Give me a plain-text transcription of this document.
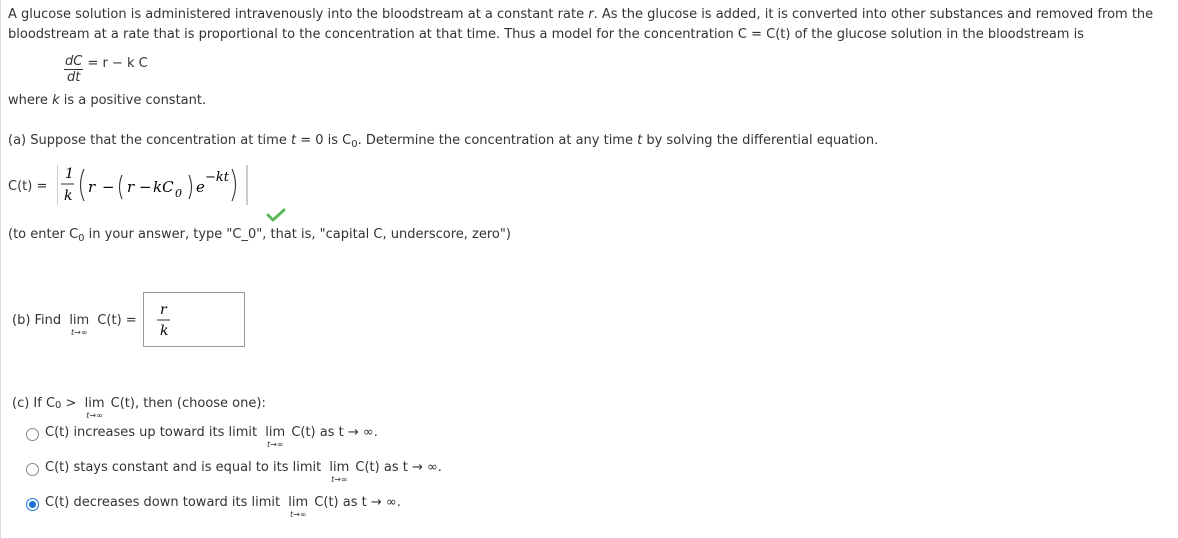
A glucose solution is administered intravenously into the bloodstream at a constant rate r. As the glucose is added, it is converted into other substances and removed from the
bloodstream at a rate that is proportional to the concentration at that time. Thus a model for the concentration C = C(t) of the glucose solution in the bloodstream is
$\frac{dC}{dt} = r - k$ C
where k is a positive constant.
(a) Suppose that the concentration at time t = 0 is $C_0$. Determine the concentration at any time t by solving the differential equation.
C(t) =
1
k r − r − kC 0 e
−kt
(to enter $C_0$ in your answer, type "C_0", that is, "capital C, underscore, zero")
(b) Find lim
t→∞
C(t) =
r
k
(c) If $C^0 > \lim$
t→∞
C(t), then (choose one):
C(t) increases up toward its limit lim
t→∞
C(t) as t → ∞.
C(t) stays constant and is equal to its limit lim
t→∞
C(t) as t → ∞.
C(t) decreases down toward its limit lim
t→∞
C(t) as t → ∞.
